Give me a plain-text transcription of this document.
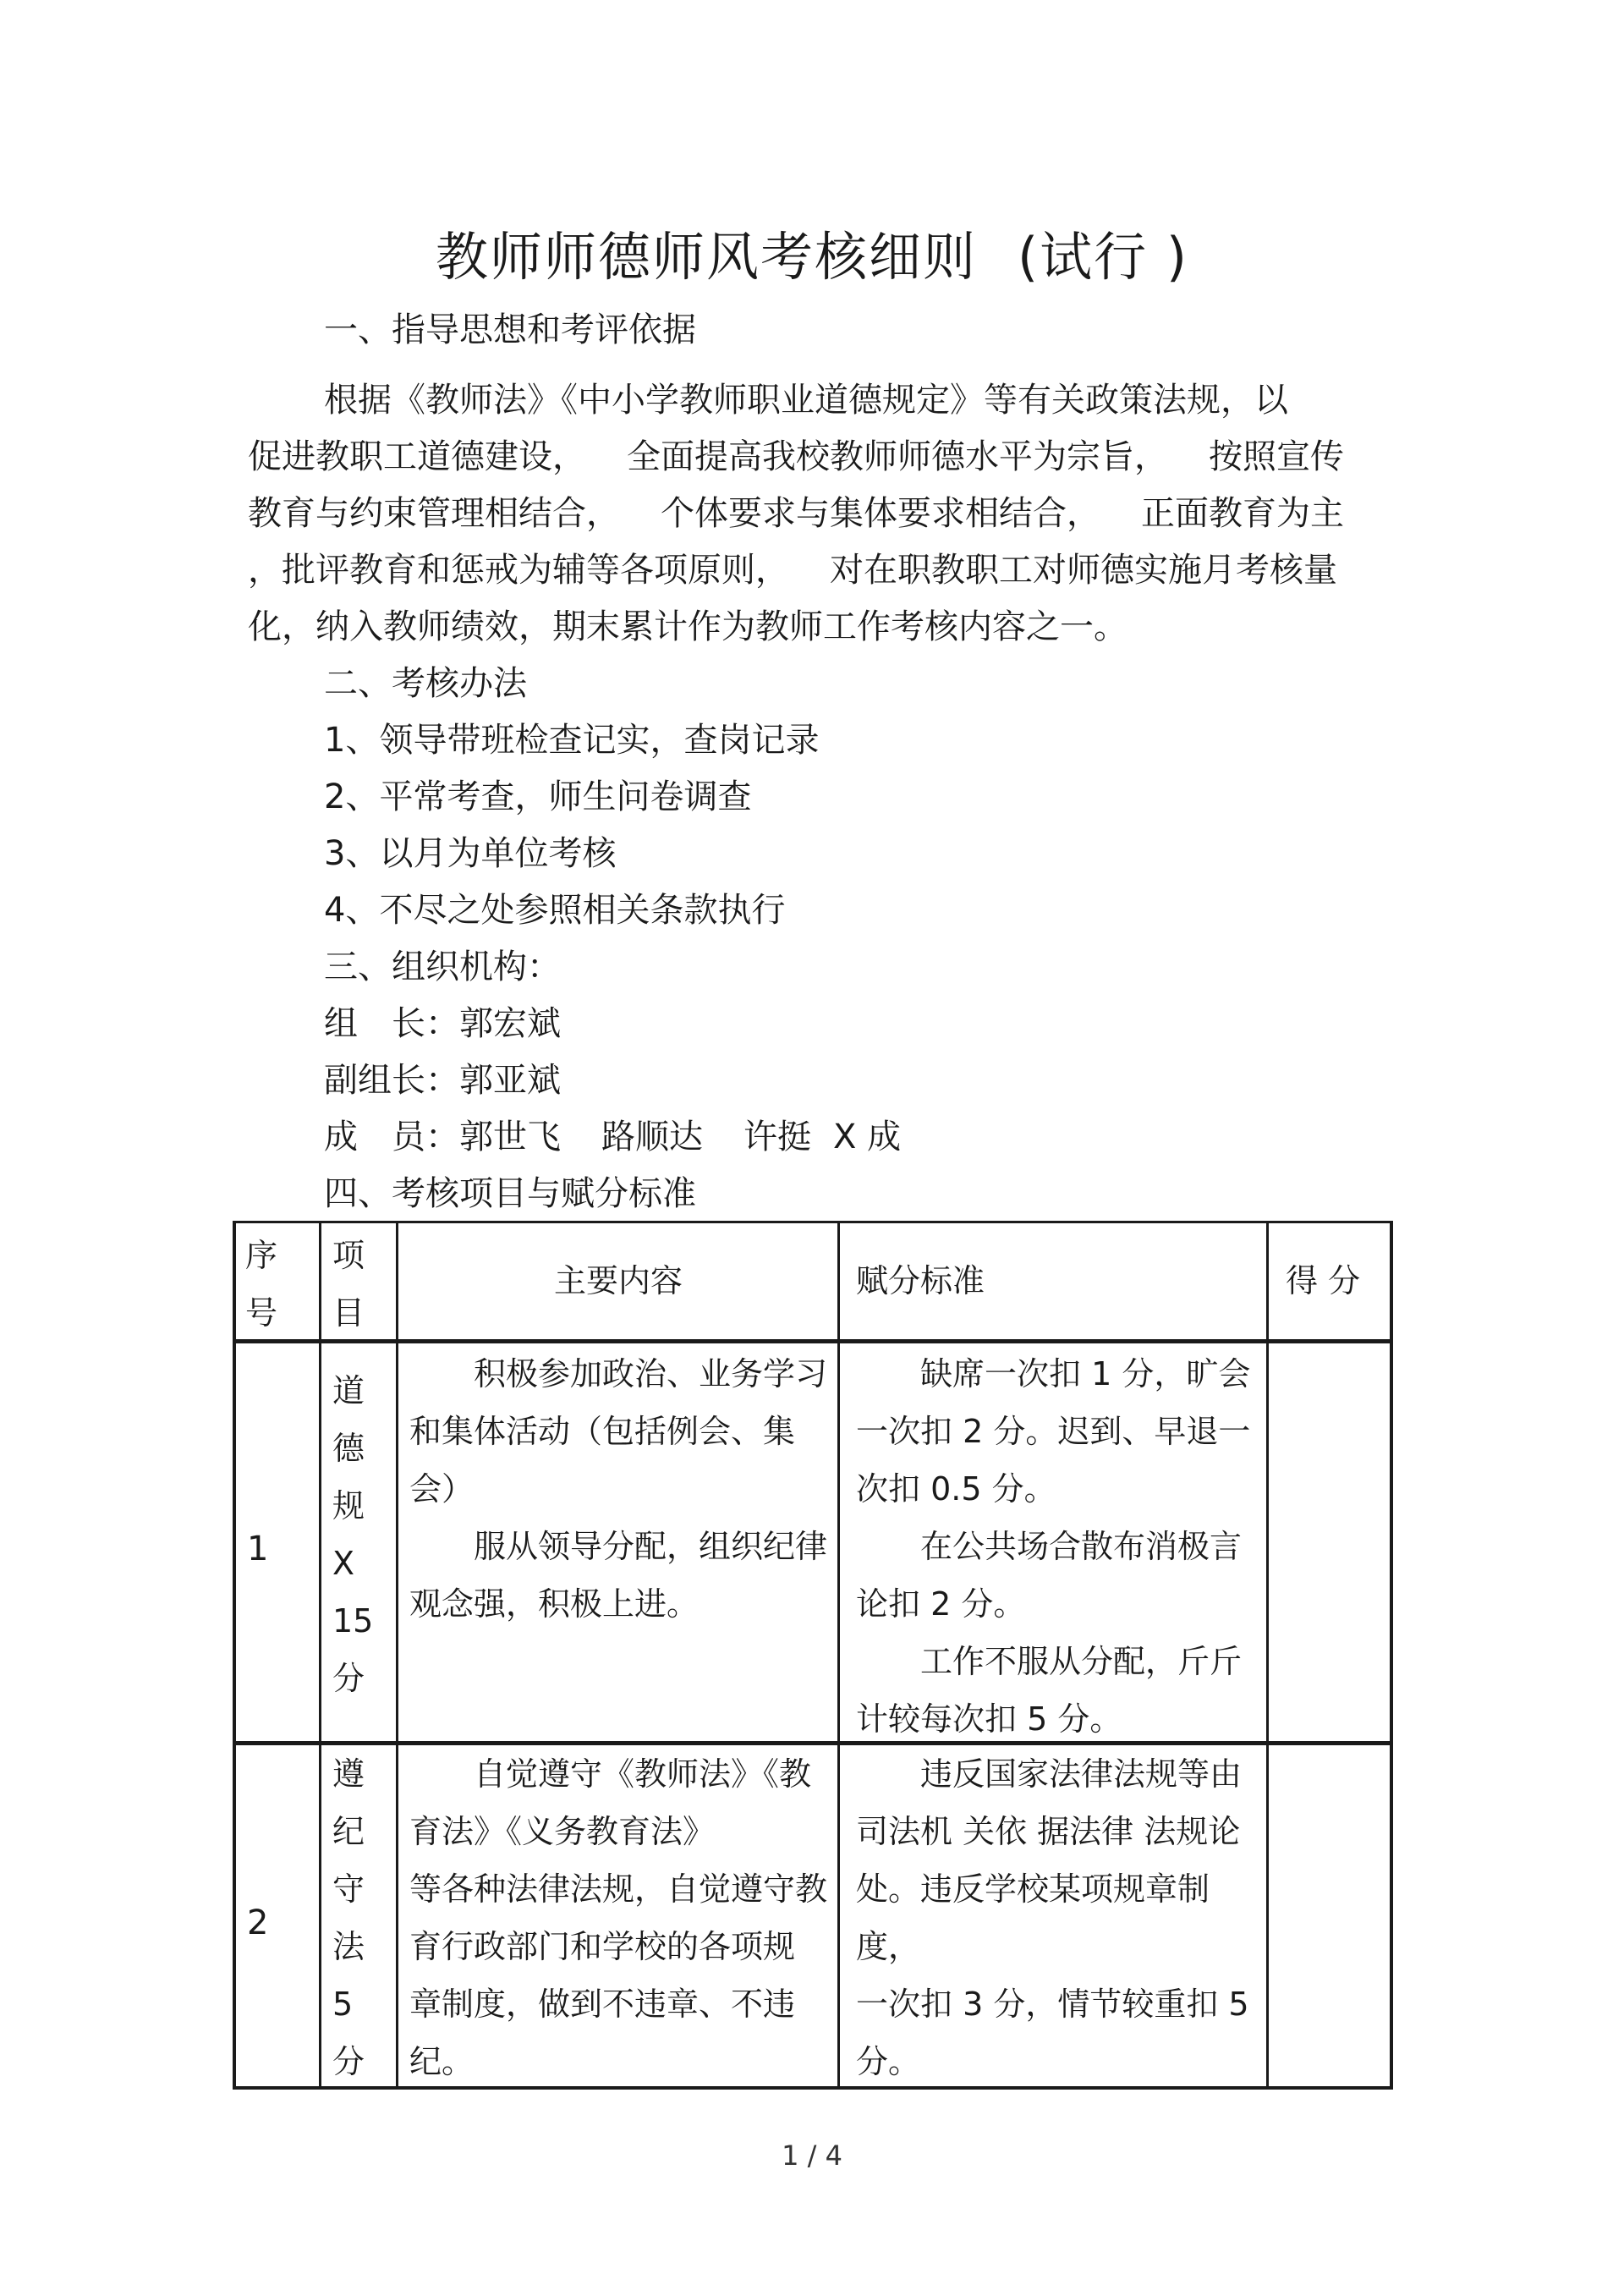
教师师德师风考核细则 (试行 )
一、指导思想和考评依据
根据《教师法》《中小学教师职业道德规定》等有关政策法规，以
促进教职工道德建设， 全面提高我校教师师德水平为宗旨， 按照宣传
教育与约束管理相结合， 个体要求与集体要求相结合， 正面教育为主
，批评教育和惩戒为辅等各项原则， 对在职教职工对师德实施月考核量
化，纳入教师绩效，期末累计作为教师工作考核内容之一。
二、考核办法
1、领导带班检查记实，查岗记录
2、平常考查，师生问卷调查
3、以月为单位考核
4、不尽之处参照相关条款执行
三、组织机构：
组　长：郭宏斌
副组长：郭亚斌
成　员：郭世飞 路顺达 许挺 X 成
四、考核项目与赋分标准
序
号
项
目
主要内容	赋分标准	得 分
1
道
德
规
X
15
分
积极参加政治、业务学习
和集体活动（包括例会、集会）
服从领导分配，组织纪律
观念强，积极上进。
缺席一次扣 1 分，旷会
一次扣 2 分。迟到、早退一
次扣 0.5 分。
在公共场合散布消极言
论扣 2 分。
工作不服从分配，斤斤
计较每次扣 5 分。
2
遵
纪
守
法
5
分
自觉遵守《教师法》《教
育法》《义务教育法》
等各种法律法规，自觉遵守教
育行政部门和学校的各项规
章制度，做到不违章、不违纪。
违反国家法律法规等由
司法机 关依 据法律 法规论
处。违反学校某项规章制度，
一次扣 3 分，情节较重扣 5
分。
1 / 4
